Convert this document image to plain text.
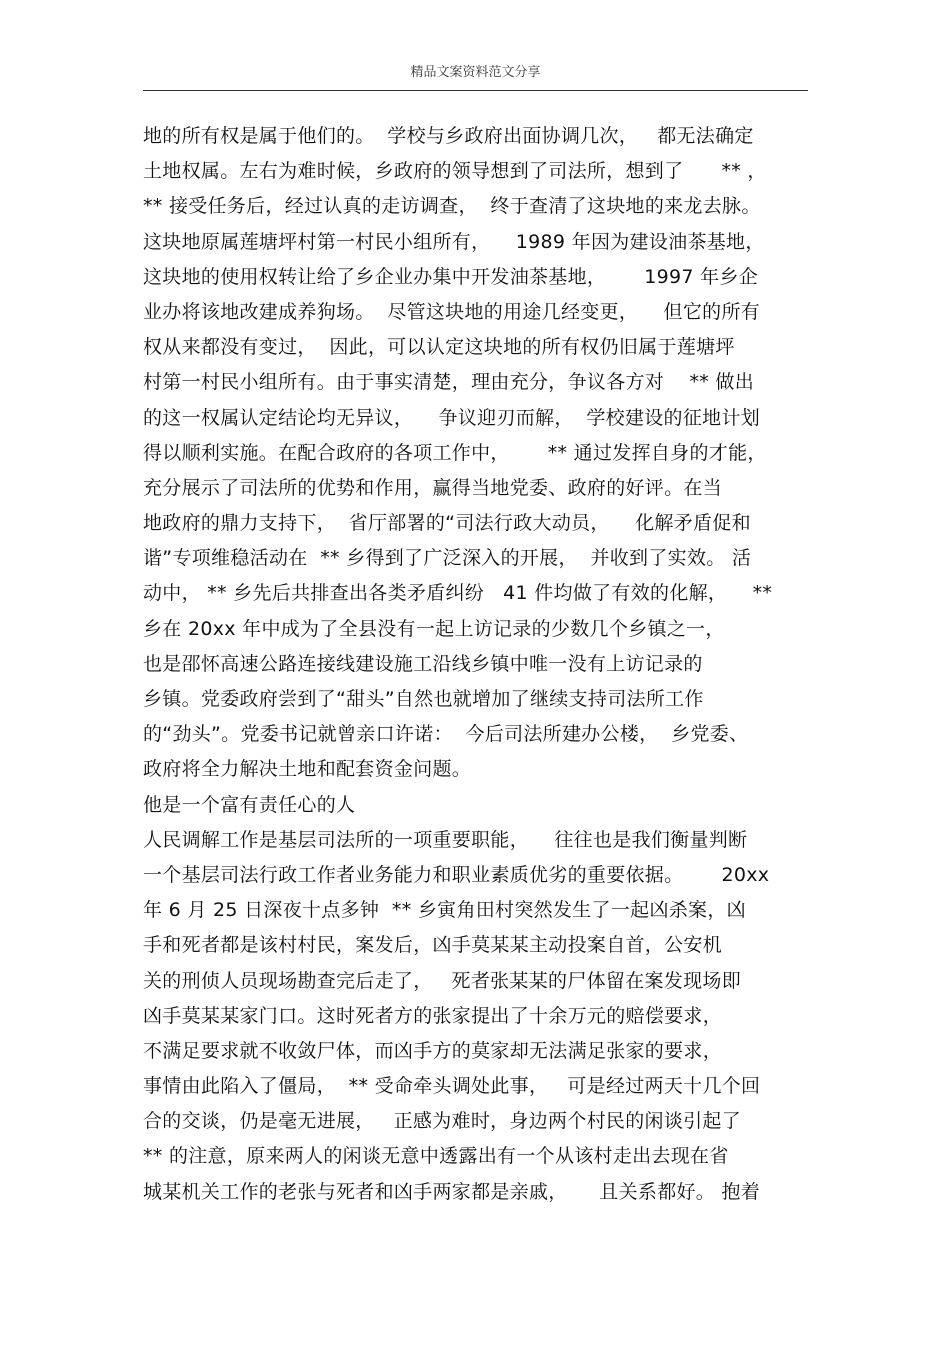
精品文案资料范文分享
地的所有权是属于他们的。  学校与乡政府出面协调几次，   都无法确定
土地权属。左右为难时候，乡政府的领导想到了司法所，想到了      ** ，
** 接受任务后，经过认真的走访调查，  终于查清了这块地的来龙去脉。
这块地原属莲塘坪村第一村民小组所有，    1989 年因为建设油茶基地，
这块地的使用权转让给了乡企业办集中开发油茶基地，      1997 年乡企
业办将该地改建成养狗场。  尽管这块地的用途几经变更，    但它的所有
权从来都没有变过，  因此，可以认定这块地的所有权仍旧属于莲塘坪
村第一村民小组所有。由于事实清楚，理由充分，争议各方对    ** 做出
的这一权属认定结论均无异议，    争议迎刃而解，  学校建设的征地计划
得以顺利实施。在配合政府的各项工作中，      ** 通过发挥自身的才能，
充分展示了司法所的优势和作用，赢得当地党委、政府的好评。在当
地政府的鼎力支持下，  省厅部署的“司法行政大动员，    化解矛盾促和
谐”专项维稳活动在  ** 乡得到了广泛深入的开展，  并收到了实效。 活
动中， ** 乡先后共排查出各类矛盾纠纷   41 件均做了有效的化解，    **
乡在 20xx 年中成为了全县没有一起上访记录的少数几个乡镇之一，
也是邵怀高速公路连接线建设施工沿线乡镇中唯一没有上访记录的
乡镇。党委政府尝到了“甜头”自然也就增加了继续支持司法所工作
的“劲头”。党委书记就曾亲口许诺：  今后司法所建办公楼，  乡党委、
政府将全力解决土地和配套资金问题。
他是一个富有责任心的人
人民调解工作是基层司法所的一项重要职能，    往往也是我们衡量判断
一个基层司法行政工作者业务能力和职业素质优劣的重要依据。      20xx
年 6 月 25 日深夜十点多钟  ** 乡寅角田村突然发生了一起凶杀案，凶
手和死者都是该村村民，案发后，凶手莫某某主动投案自首，公安机
关的刑侦人员现场勘查完后走了，   死者张某某的尸体留在案发现场即
凶手莫某某家门口。这时死者方的张家提出了十余万元的赔偿要求，
不满足要求就不收敛尸体，而凶手方的莫家却无法满足张家的要求，
事情由此陷入了僵局，  ** 受命牵头调处此事，   可是经过两天十几个回
合的交谈，仍是毫无进展，   正感为难时，身边两个村民的闲谈引起了
** 的注意，原来两人的闲谈无意中透露出有一个从该村走出去现在省
城某机关工作的老张与死者和凶手两家都是亲戚，     且关系都好。 抱着
